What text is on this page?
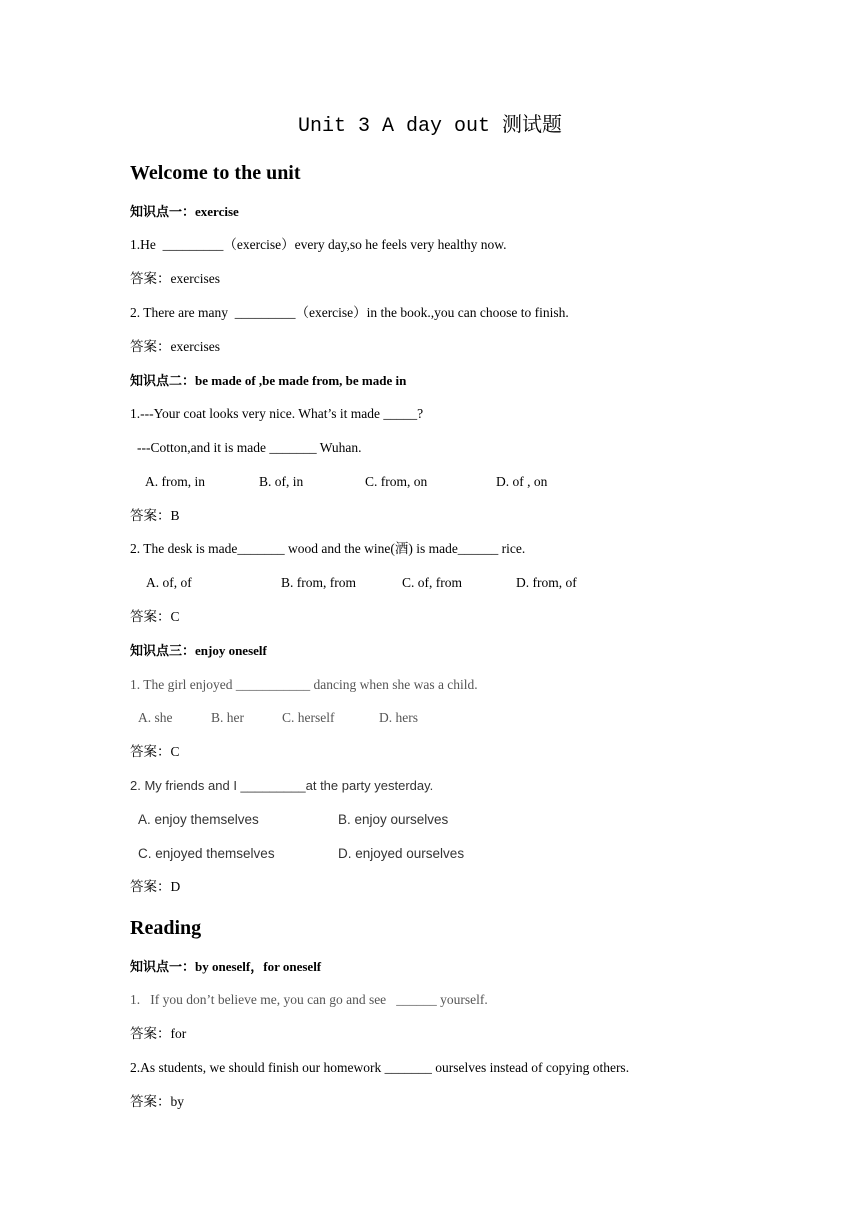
Unit 3 A day out 测试题
Welcome to the unit
知识点一：exercise
1.He  _________（exercise）every day,so he feels very healthy now.
答案：exercises
2. There are many  _________（exercise）in the book.,you can choose to finish.
答案：exercises
知识点二：be made of ,be made from, be made in
1.---Your coat looks very nice. What’s it made _____?
---Cotton,and it is made _______ Wuhan.
A. from, in	B. of, in	C. from, on	D. of , on
答案：B
2. The desk is made_______ wood and the wine(酒) is made______ rice.
A. of, of	B. from, from	C. of, from	D. from, of
答案：C
知识点三：enjoy oneself
1. The girl enjoyed ___________ dancing when she was a child.
A. she	B. her	C. herself	D. hers
答案：C
2. My friends and I _________at the party yesterday.
A. enjoy themselves	B. enjoy ourselves
C. enjoyed themselves	D. enjoyed ourselves
答案：D
Reading
知识点一：by oneself，for oneself
1.   If you don’t believe me, you can go and see   ______ yourself.
答案：for
2.As students, we should finish our homework _______ ourselves instead of copying others.
答案：by
